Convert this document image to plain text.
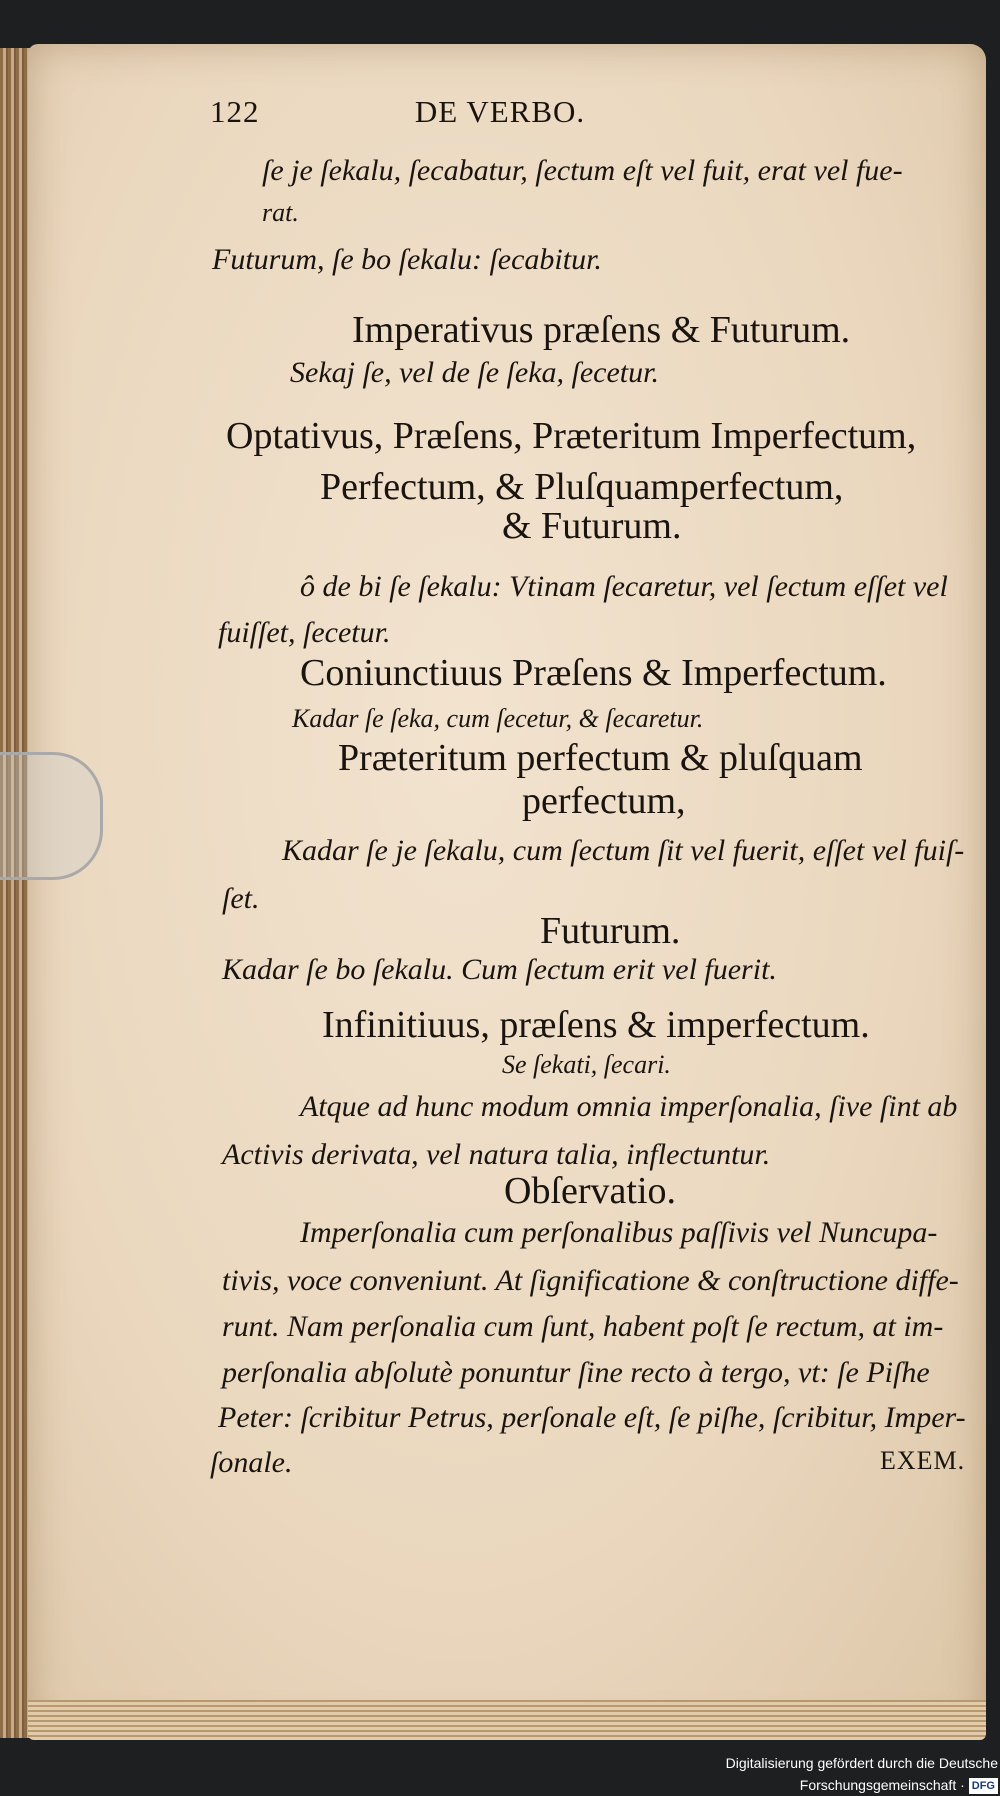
122	DE VERBO.
ſe je ſekalu, ſecabatur, ſectum eſt vel fuit, erat vel fue-
rat.
Futurum, ſe bo ſekalu: ſecabitur.
Imperativus præſens & Futurum.
Sekaj ſe, vel de ſe ſeka, ſecetur.
Optativus, Præſens, Præteritum Imperfectum,
Perfectum, & Pluſquamperfectum,
& Futurum.
ô de bi ſe ſekalu: Vtinam ſecaretur, vel ſectum eſſet vel
fuiſſet, ſecetur.
Coniunctiuus Præſens & Imperfectum.
Kadar ſe ſeka, cum ſecetur, & ſecaretur.
Præteritum perfectum & pluſquam
perfectum,
Kadar ſe je ſekalu, cum ſectum ſit vel fuerit, eſſet vel fuiſ-
ſet.
Futurum.
Kadar ſe bo ſekalu. Cum ſectum erit vel fuerit.
Infinitiuus, præſens & imperfectum.
Se ſekati, ſecari.
Atque ad hunc modum omnia imperſonalia, ſive ſint ab
Activis derivata, vel natura talia, inflectuntur.
Obſervatio.
Imperſonalia cum perſonalibus paſſivis vel Nuncupa-
tivis, voce conveniunt. At ſignificatione & conſtructione diffe-
runt. Nam perſonalia cum ſunt, habent poſt ſe rectum, at im-
perſonalia abſolutè ponuntur ſine recto à tergo, vt: ſe Piſhe
Peter: ſcribitur Petrus, perſonale eſt, ſe piſhe, ſcribitur, Imper-
ſonale.	EXEM.
Digitalisierung gefördert durch die Deutsche Forschungsgemeinschaft · DFG
